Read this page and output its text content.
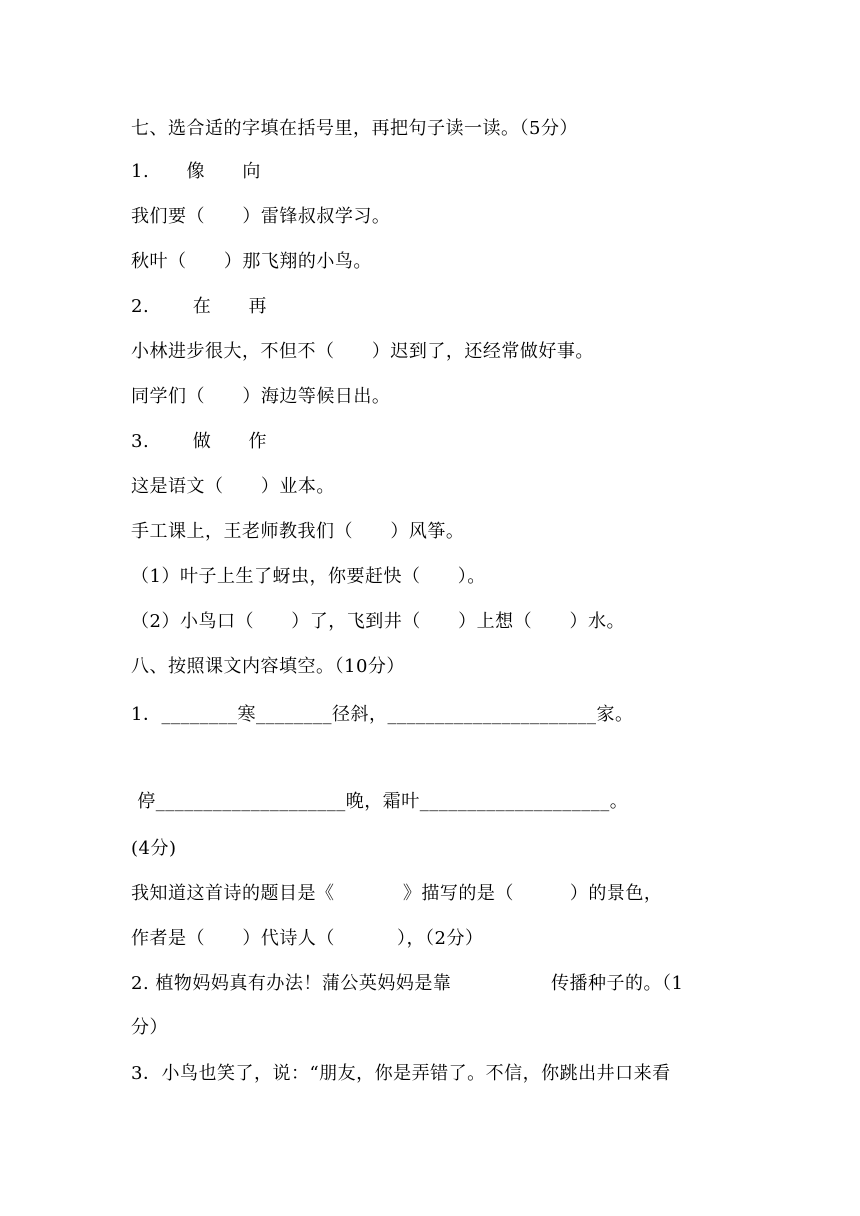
七、选合适的字填在括号里，再把句子读一读。（5分）
1.      像      向
我们要（      ）雷锋叔叔学习。
秋叶（      ）那飞翔的小鸟。
2.       在      再
小林进步很大，不但不（      ）迟到了，还经常做好事。
同学们（      ）海边等候日出。
3.       做      作
这是语文（      ）业本。
手工课上，王老师教我们（      ）风筝。
（1）叶子上生了蚜虫，你要赶快（      ）。
（2）小鸟口（      ）了，飞到井（      ）上想（      ）水。
八、按照课文内容填空。（10分）
1．________寒________径斜，______________________家。
停____________________晚，霜叶____________________。
(4分)
我知道这首诗的题目是《           》描写的是（         ）的景色，
作者是（      ）代诗人（          ），（2分）
2. 植物妈妈真有办法！蒲公英妈妈是靠                传播种子的。（1
分）
3．小鸟也笑了，说：“朋友，你是弄错了。不信，你跳出井口来看
